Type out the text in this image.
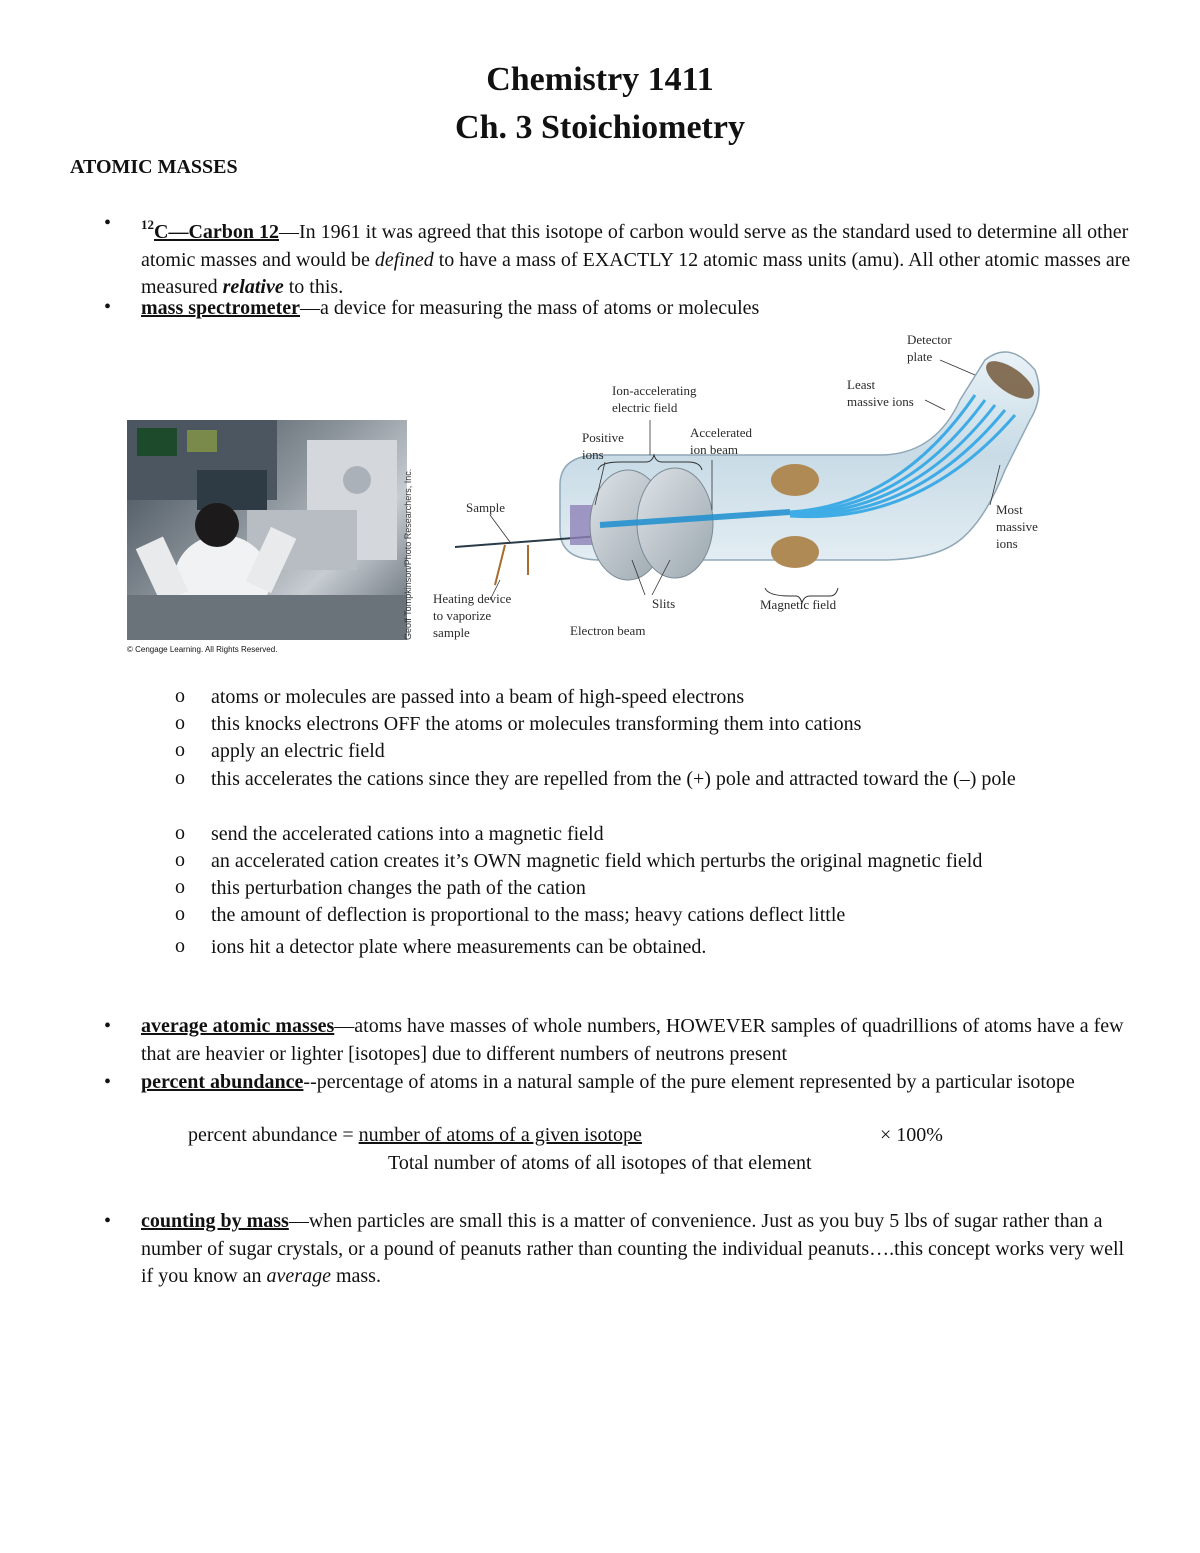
Chemistry 1411
Ch. 3 Stoichiometry
ATOMIC MASSES
• $^{12}$C—Carbon 12—In 1961 it was agreed that this isotope of carbon would serve as the standard used to determine all other atomic masses and would be defined to have a mass of EXACTLY 12 atomic mass units (amu). All other atomic masses are measured relative to this.
• mass spectrometer—a device for measuring the mass of atoms or molecules
Geoff Tompkinson/Photo Researchers, Inc.
© Cengage Learning. All Rights Reserved.
Detector
plate
Least
massive ions
Ion-accelerating
electric field
Positive
ions
Accelerated
ion beam
Sample	Most
massive
ions
Heating device
to vaporize
sample
Slits
Electron beam
Magnetic field
o atoms or molecules are passed into a beam of high-speed electrons
o this knocks electrons OFF the atoms or molecules transforming them into cations
o apply an electric field
o this accelerates the cations since they are repelled from the (+) pole and attracted toward the (–) pole
o send the accelerated cations into a magnetic field
o an accelerated cation creates it’s OWN magnetic field which perturbs the original magnetic field
o this perturbation changes the path of the cation
o the amount of deflection is proportional to the mass; heavy cations deflect little
o ions hit a detector plate where measurements can be obtained.
• average atomic masses—atoms have masses of whole numbers, HOWEVER samples of quadrillions of atoms have a few that are heavier or lighter [isotopes] due to different numbers of neutrons present
• percent abundance--percentage of atoms in a natural sample of the pure element represented by a particular isotope
percent abundance = number of atoms of a given isotope	× 100%
Total number of atoms of all isotopes of that element
• counting by mass—when particles are small this is a matter of convenience. Just as you buy 5 lbs of sugar rather than a number of sugar crystals, or a pound of peanuts rather than counting the individual peanuts….this concept works very well if you know an average mass.
